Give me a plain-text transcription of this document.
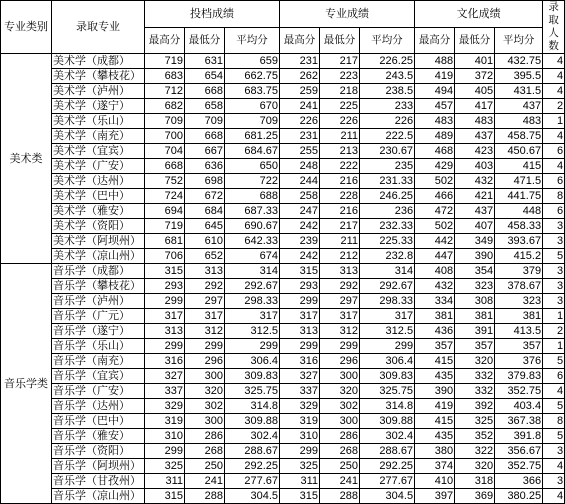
专业类别	录取专业	投档成绩			专业成绩			文化成绩			录取
人数
		最高分	最低分	平均分	最高分	最低分	平均分	最高分	最低分	平均分	
美术类	美术学（成都）	719	631	659	231	217	226.25	488	401	432.75	4
	美术学（攀枝花）	683	654	662.75	262	223	243.5	419	372	395.5	4
	美术学（泸州）	712	668	683.75	259	218	238.5	494	405	431.5	4
	美术学（遂宁）	682	658	670	241	225	233	457	417	437	2
	美术学（乐山）	709	709	709	226	226	226	483	483	483	1
	美术学（南充）	700	668	681.25	231	211	222.5	489	437	458.75	4
	美术学（宜宾）	704	667	684.67	255	213	230.67	468	423	450.67	6
	美术学（广安）	668	636	650	248	222	235	429	403	415	4
	美术学（达州）	752	698	722	244	216	231.33	502	432	471.5	6
	美术学（巴中）	724	672	688	258	228	246.25	466	421	441.75	8
	美术学（雅安）	694	684	687.33	247	216	236	472	437	448	6
	美术学（资阳）	719	645	690.67	242	217	232.33	502	407	458.33	3
	美术学（阿坝州）	681	610	642.33	239	211	225.33	442	349	393.67	3
	美术学（凉山州）	706	652	674	242	212	232.8	447	390	415.2	5
音乐学类	音乐学（成都）	315	313	314	315	313	314	408	354	379	3
	音乐学（攀枝花）	293	292	292.67	293	292	292.67	432	323	378.67	3
	音乐学（泸州）	299	297	298.33	299	297	298.33	334	308	323	3
	音乐学（广元）	317	317	317	317	317	317	381	381	381	1
	音乐学（遂宁）	313	312	312.5	313	312	312.5	436	391	413.5	2
	音乐学（乐山）	299	299	299	299	299	299	357	357	357	1
	音乐学（南充）	316	296	306.4	316	296	306.4	415	320	376	5
	音乐学（宜宾）	327	300	309.83	327	300	309.83	435	332	379.83	6
	音乐学（广安）	337	320	325.75	337	320	325.75	390	332	352.75	4
	音乐学（达州）	329	302	314.8	329	302	314.8	419	392	403.4	5
	音乐学（巴中）	319	300	309.88	319	300	309.88	415	325	367.38	8
	音乐学（雅安）	310	286	302.4	310	286	302.4	435	352	391.8	5
	音乐学（资阳）	299	268	288.67	299	268	288.67	380	322	356.67	3
	音乐学（阿坝州）	325	250	292.25	325	250	292.25	374	320	352.75	4
	音乐学（甘孜州）	311	241	277.67	311	241	277.67	410	318	366	3
	音乐学（凉山州）	315	288	304.5	315	288	304.5	397	369	380.25	4
